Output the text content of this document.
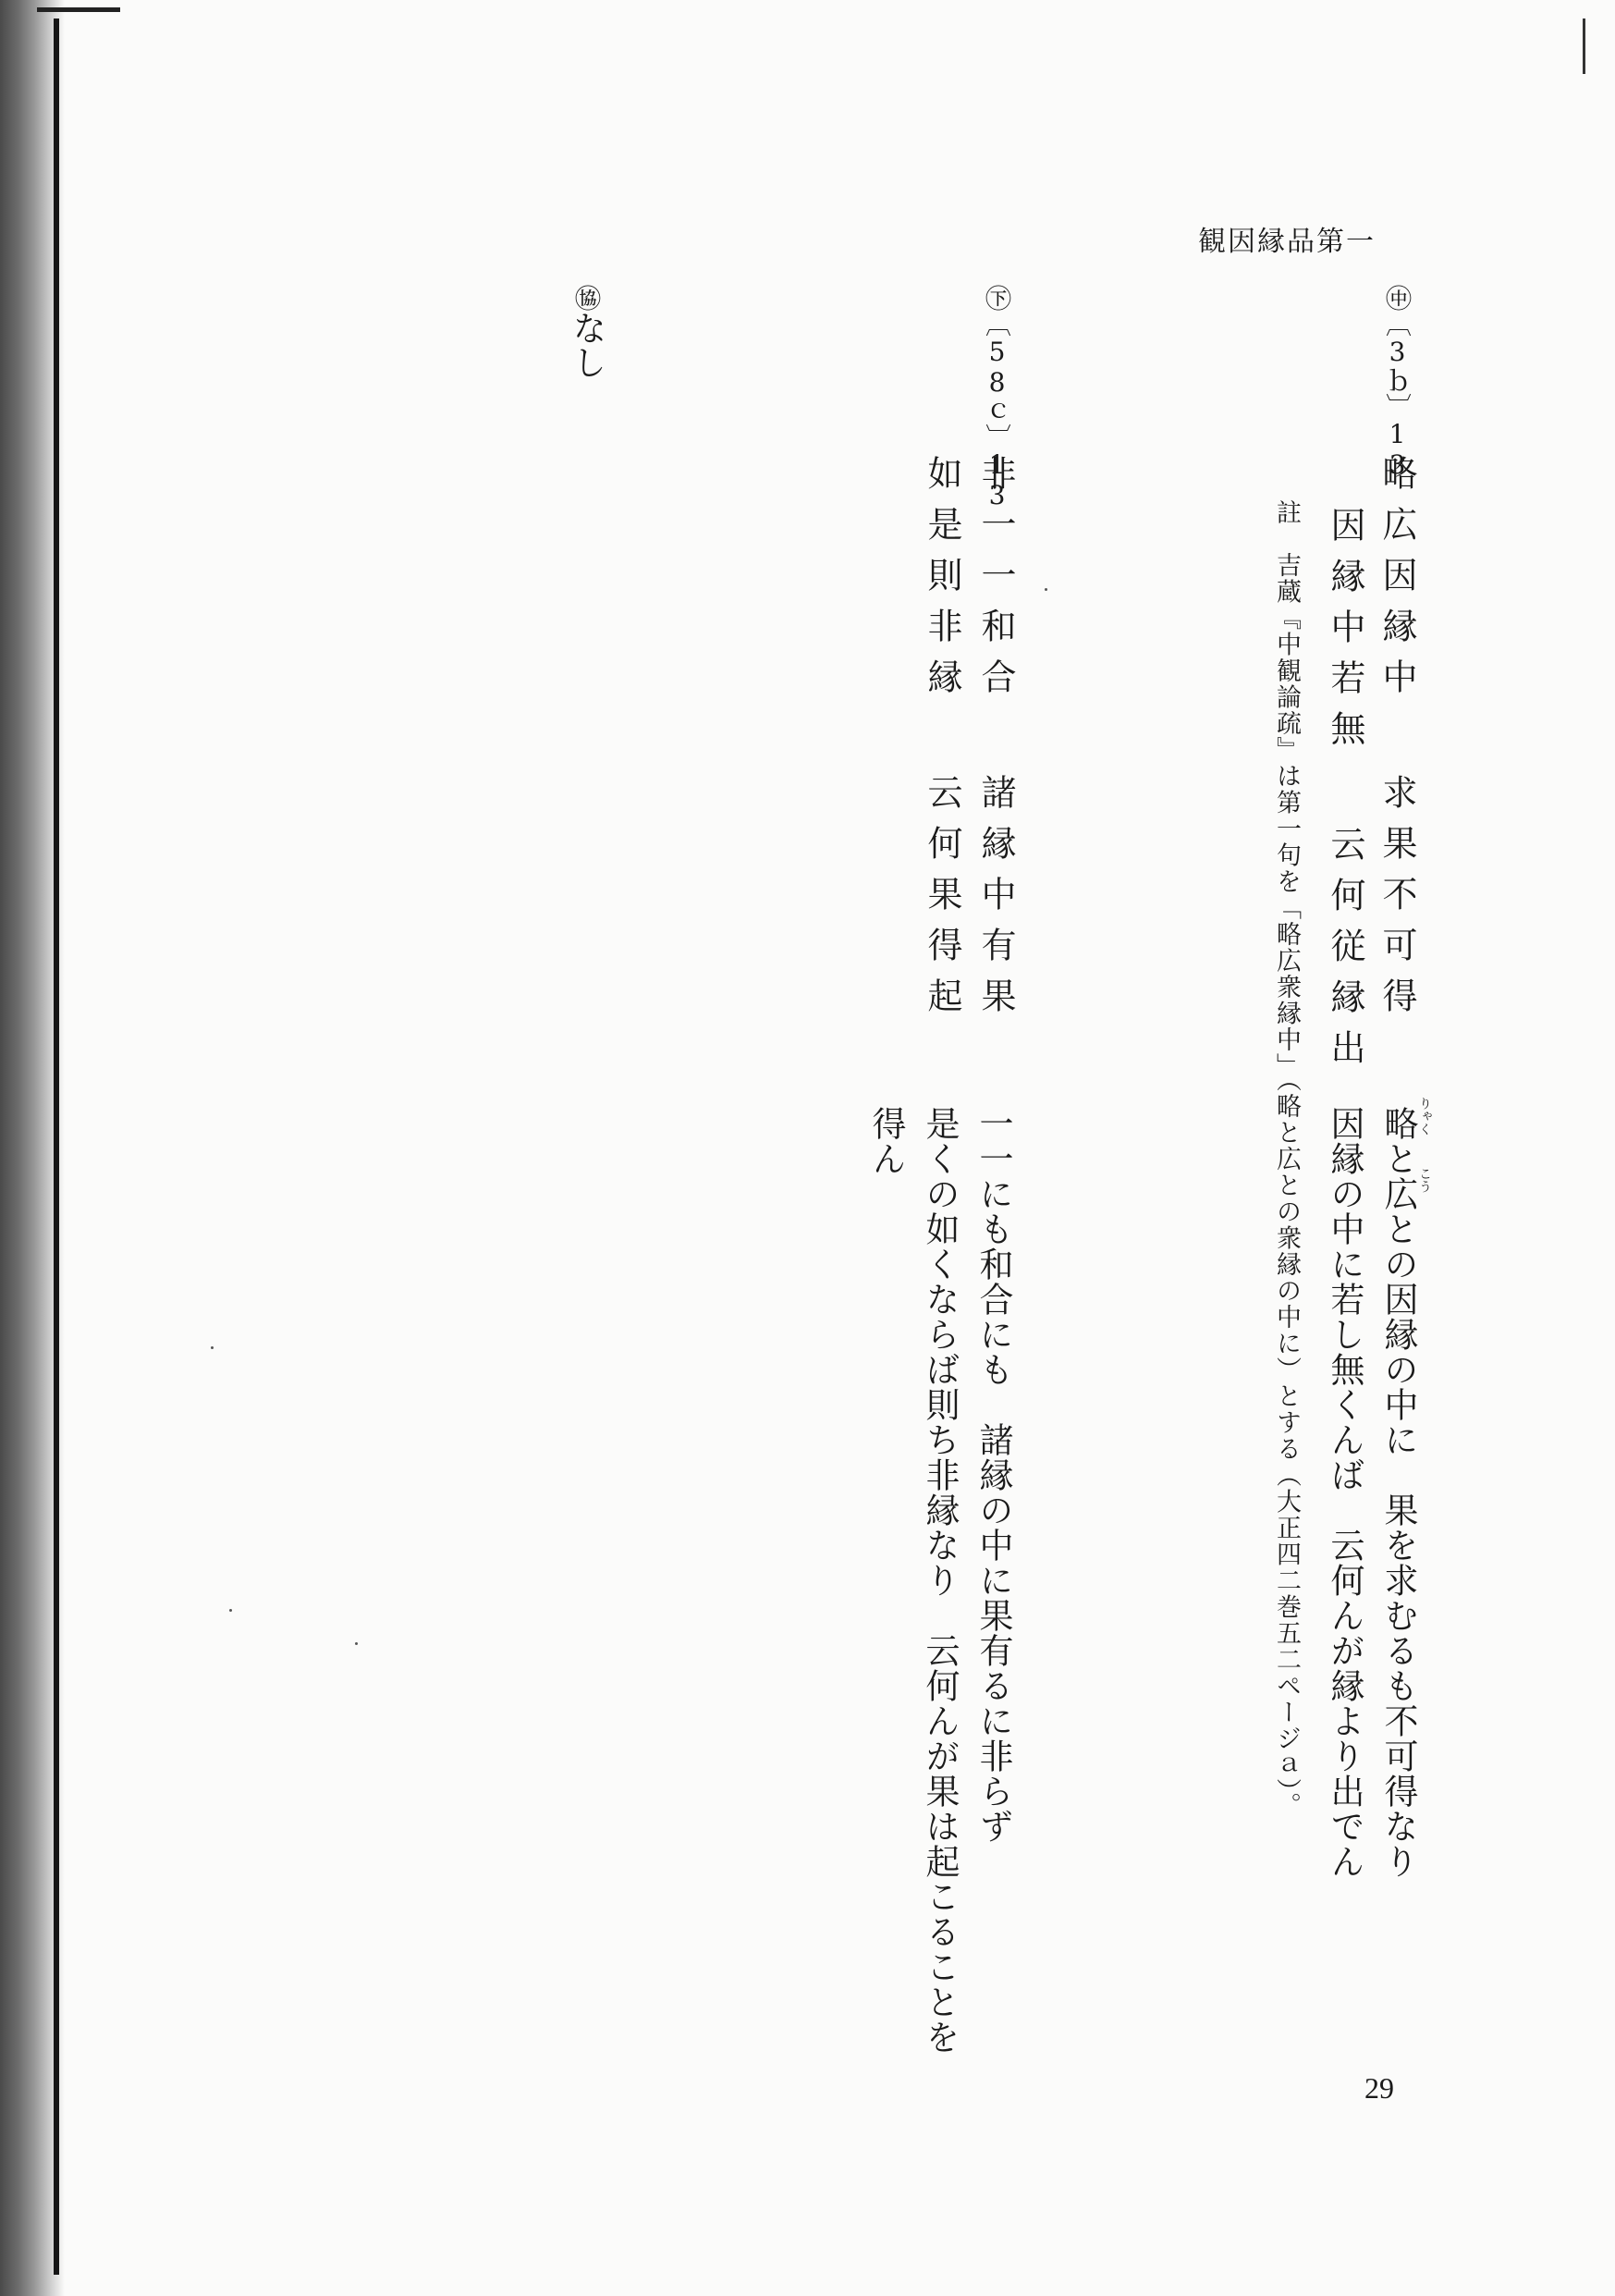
観因縁品第一
㊥〔3ｂ〕13
略広因縁中求果不可得
因縁中若無云何従縁出
註　吉蔵『中観論疏』は第一句を「略広衆縁中」（略と広との衆縁の中に）とする（大正四二巻五二ページａ）。	りゃく
こう
略と広との因縁の中に　果を求むるも不可得なり
因縁の中に若し無くんば　云何んが縁より出でん
㊦〔58ｃ〕13
非一一和合諸縁中有果
如是則非縁云何果得起
一一にも和合にも　諸縁の中に果有るに非らず
是くの如くならば則ち非縁なり　云何んが果は起こることを
得ん
㊯なし
29
